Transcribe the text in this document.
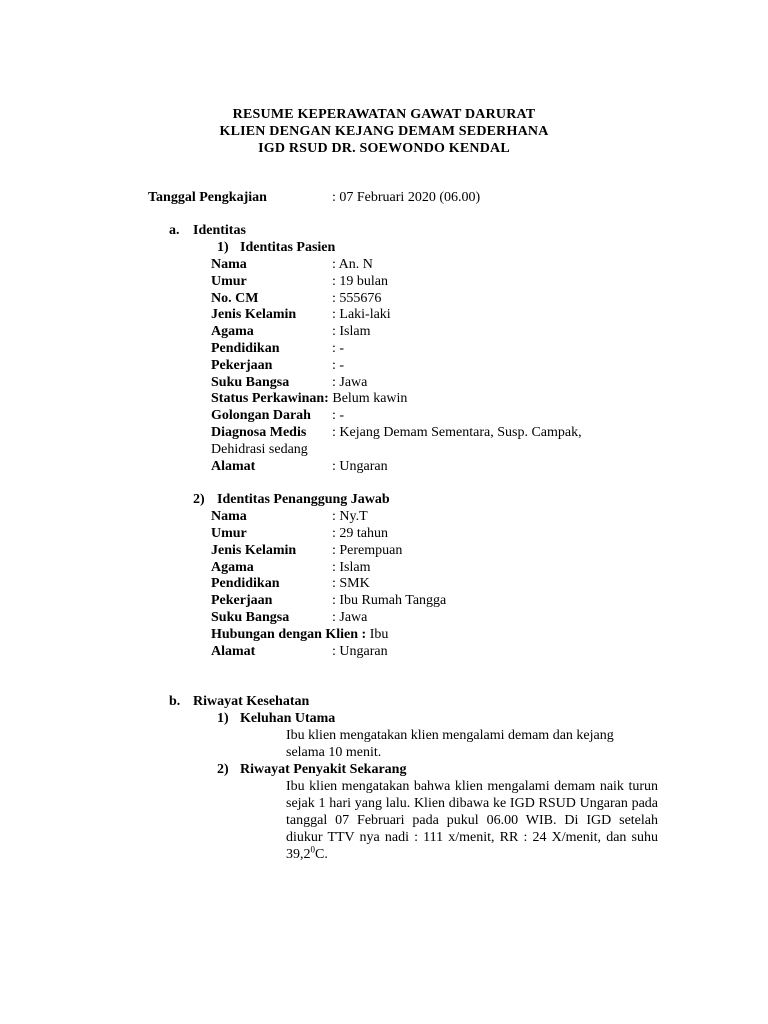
RESUME KEPERAWATAN GAWAT DARURAT
KLIEN DENGAN KEJANG DEMAM SEDERHANA
IGD RSUD DR. SOEWONDO KENDAL
Tanggal Pengkajian	: 07 Februari 2020 (06.00)
a. Identitas
1) Identitas Pasien
Nama	: An. N
Umur	: 19 bulan
No. CM	: 555676
Jenis Kelamin	: Laki-laki
Agama	: Islam
Pendidikan	: -
Pekerjaan	: -
Suku Bangsa	: Jawa
Status Perkawinan: Belum kawin
Golongan Darah : -
Diagnosa Medis : Kejang Demam Sementara, Susp. Campak,
Dehidrasi sedang
Alamat	: Ungaran
2) Identitas Penanggung Jawab
Nama	: Ny.T
Umur	: 29 tahun
Jenis Kelamin	: Perempuan
Agama	: Islam
Pendidikan	: SMK
Pekerjaan	: Ibu Rumah Tangga
Suku Bangsa	: Jawa
Hubungan dengan Klien : Ibu
Alamat	: Ungaran
b. Riwayat Kesehatan
1) Keluhan Utama
Ibu klien mengatakan klien mengalami demam dan kejang selama 10 menit.
2) Riwayat Penyakit Sekarang
Ibu klien mengatakan bahwa klien mengalami demam naik turun sejak 1 hari yang lalu. Klien dibawa ke IGD RSUD Ungaran pada tanggal 07 Februari pada pukul 06.00 WIB. Di IGD setelah diukur TTV nya nadi : 111 x/menit, RR : 24 X/menit, dan suhu 39,2$^0$C.
